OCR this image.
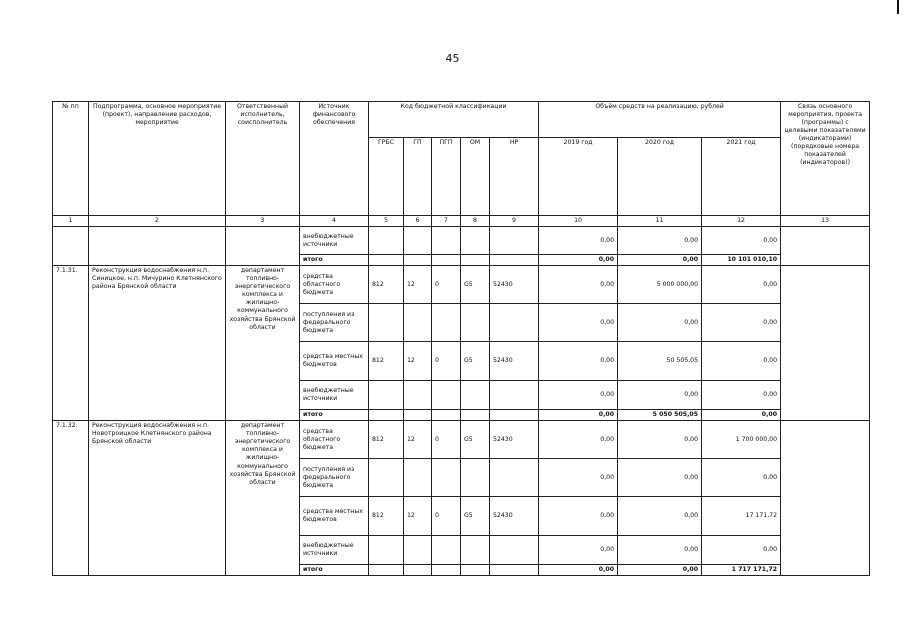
45
№ пп	Подпрограмма, основное мероприятие (проект), направление расходов, мероприятие	Ответственный исполнитель, соисполнитель	Источник финансового обеспечения	Код бюджетной классификации					Объём средств на реализацию, рублей			Связь основного мероприятия, проекта (программы) с целевыми показателями (индикаторами) (порядковые номера показателей (индикаторов))
				ГРБС	ГП	ПГП	ОМ	НР	2019 год	2020 год	2021 год	
1	2	3	4	5	6	7	8	9	10	11	12	13
			внебюджетные источники						0,00	0,00	0,00	
			итого						0,00	0,00	10 101 010,10	
7.1.31.	Реконструкция водоснабжения н.п. Синицкое, н.п. Мичурино Клетнянского района Брянской области	департамент топливно-энергетического комплекса и жилищно-коммунального хозяйства Брянской области	средства областного бюджета	812	12	0	G5	52430	0,00	5 000 000,00	0,00	
			поступления из федерального бюджета						0,00	0,00	0,00	
			средства местных бюджетов	812	12	0	G5	52430	0,00	50 505,05	0,00	
			внебюджетные источники						0,00	0,00	0,00	
			итого						0,00	5 050 505,05	0,00	
7.1.32.	Реконструкция водоснабжения н.п. Новотроицкое Клетнянского района Брянской области	департамент топливно-энергетического комплекса и жилищно-коммунального хозяйства Брянской области	средства областного бюджета	812	12	0	G5	52430	0,00	0,00	1 700 000,00	
			поступления из федерального бюджета						0,00	0,00	0,00	
			средства местных бюджетов	812	12	0	G5	52430	0,00	0,00	17 171,72	
			внебюджетные источники						0,00	0,00	0,00	
			итого						0,00	0,00	1 717 171,72	
